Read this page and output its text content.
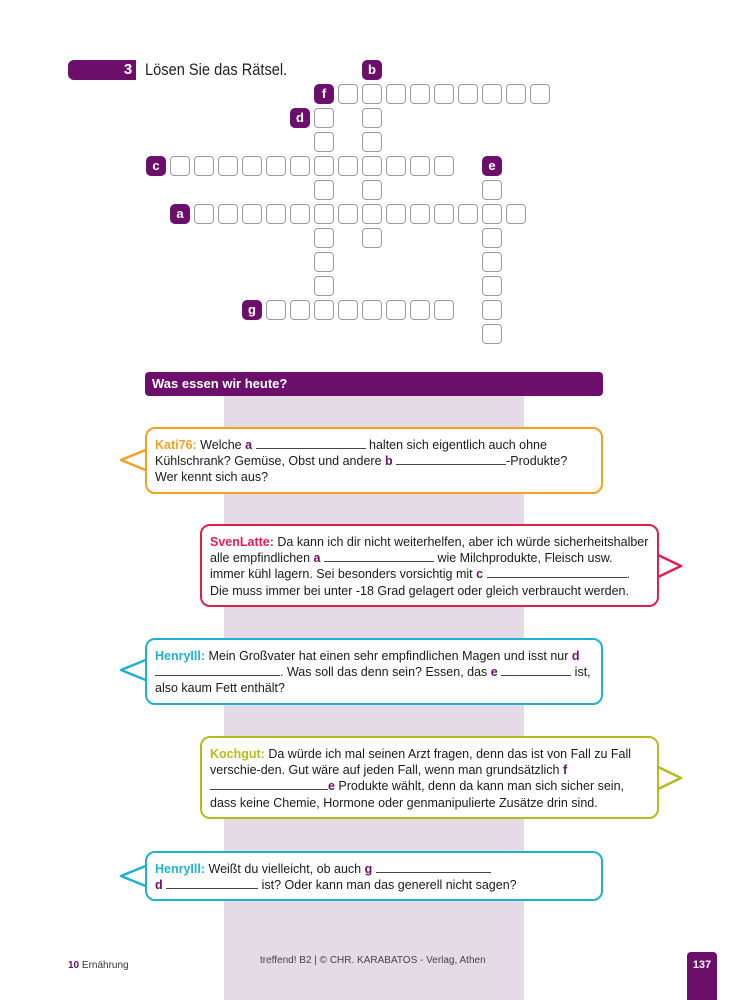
3 Lösen Sie das Rätsel.	b
f
d
c	e
a
g
Was essen wir heute?
Kati76: Welche a	halten sich eigentlich auch ohne Kühlschrank? Gemüse, Obst und andere b	-Produkte? Wer kennt sich aus?
SvenLatte: Da kann ich dir nicht weiterhelfen, aber ich würde sicherheitshalber alle empfindlichen a	wie Milchprodukte, Fleisch usw. immer kühl lagern. Sei besonders vorsichtig mit c	. Die muss immer bei unter -18 Grad gelagert oder gleich verbraucht werden.
HenryIll: Mein Großvater hat einen sehr empfindlichen Magen und isst nur d . Was soll das denn sein? Essen, das e	ist, also kaum Fett enthält?
Kochgut: Da würde ich mal seinen Arzt fragen, denn das ist von Fall zu Fall verschie-den. Gut wäre auf jeden Fall, wenn man grundsätzlich f e Produkte wählt, denn da kann man sich sicher sein, dass keine Chemie, Hormone oder genmanipulierte Zusätze drin sind.
HenryIll: Weißt du vielleicht, ob auch g
d	ist? Oder kann man das generell nicht sagen?
10 Ernährung	treffend! B2 | © CHR. KARABATOS - Verlag, Athen	137
